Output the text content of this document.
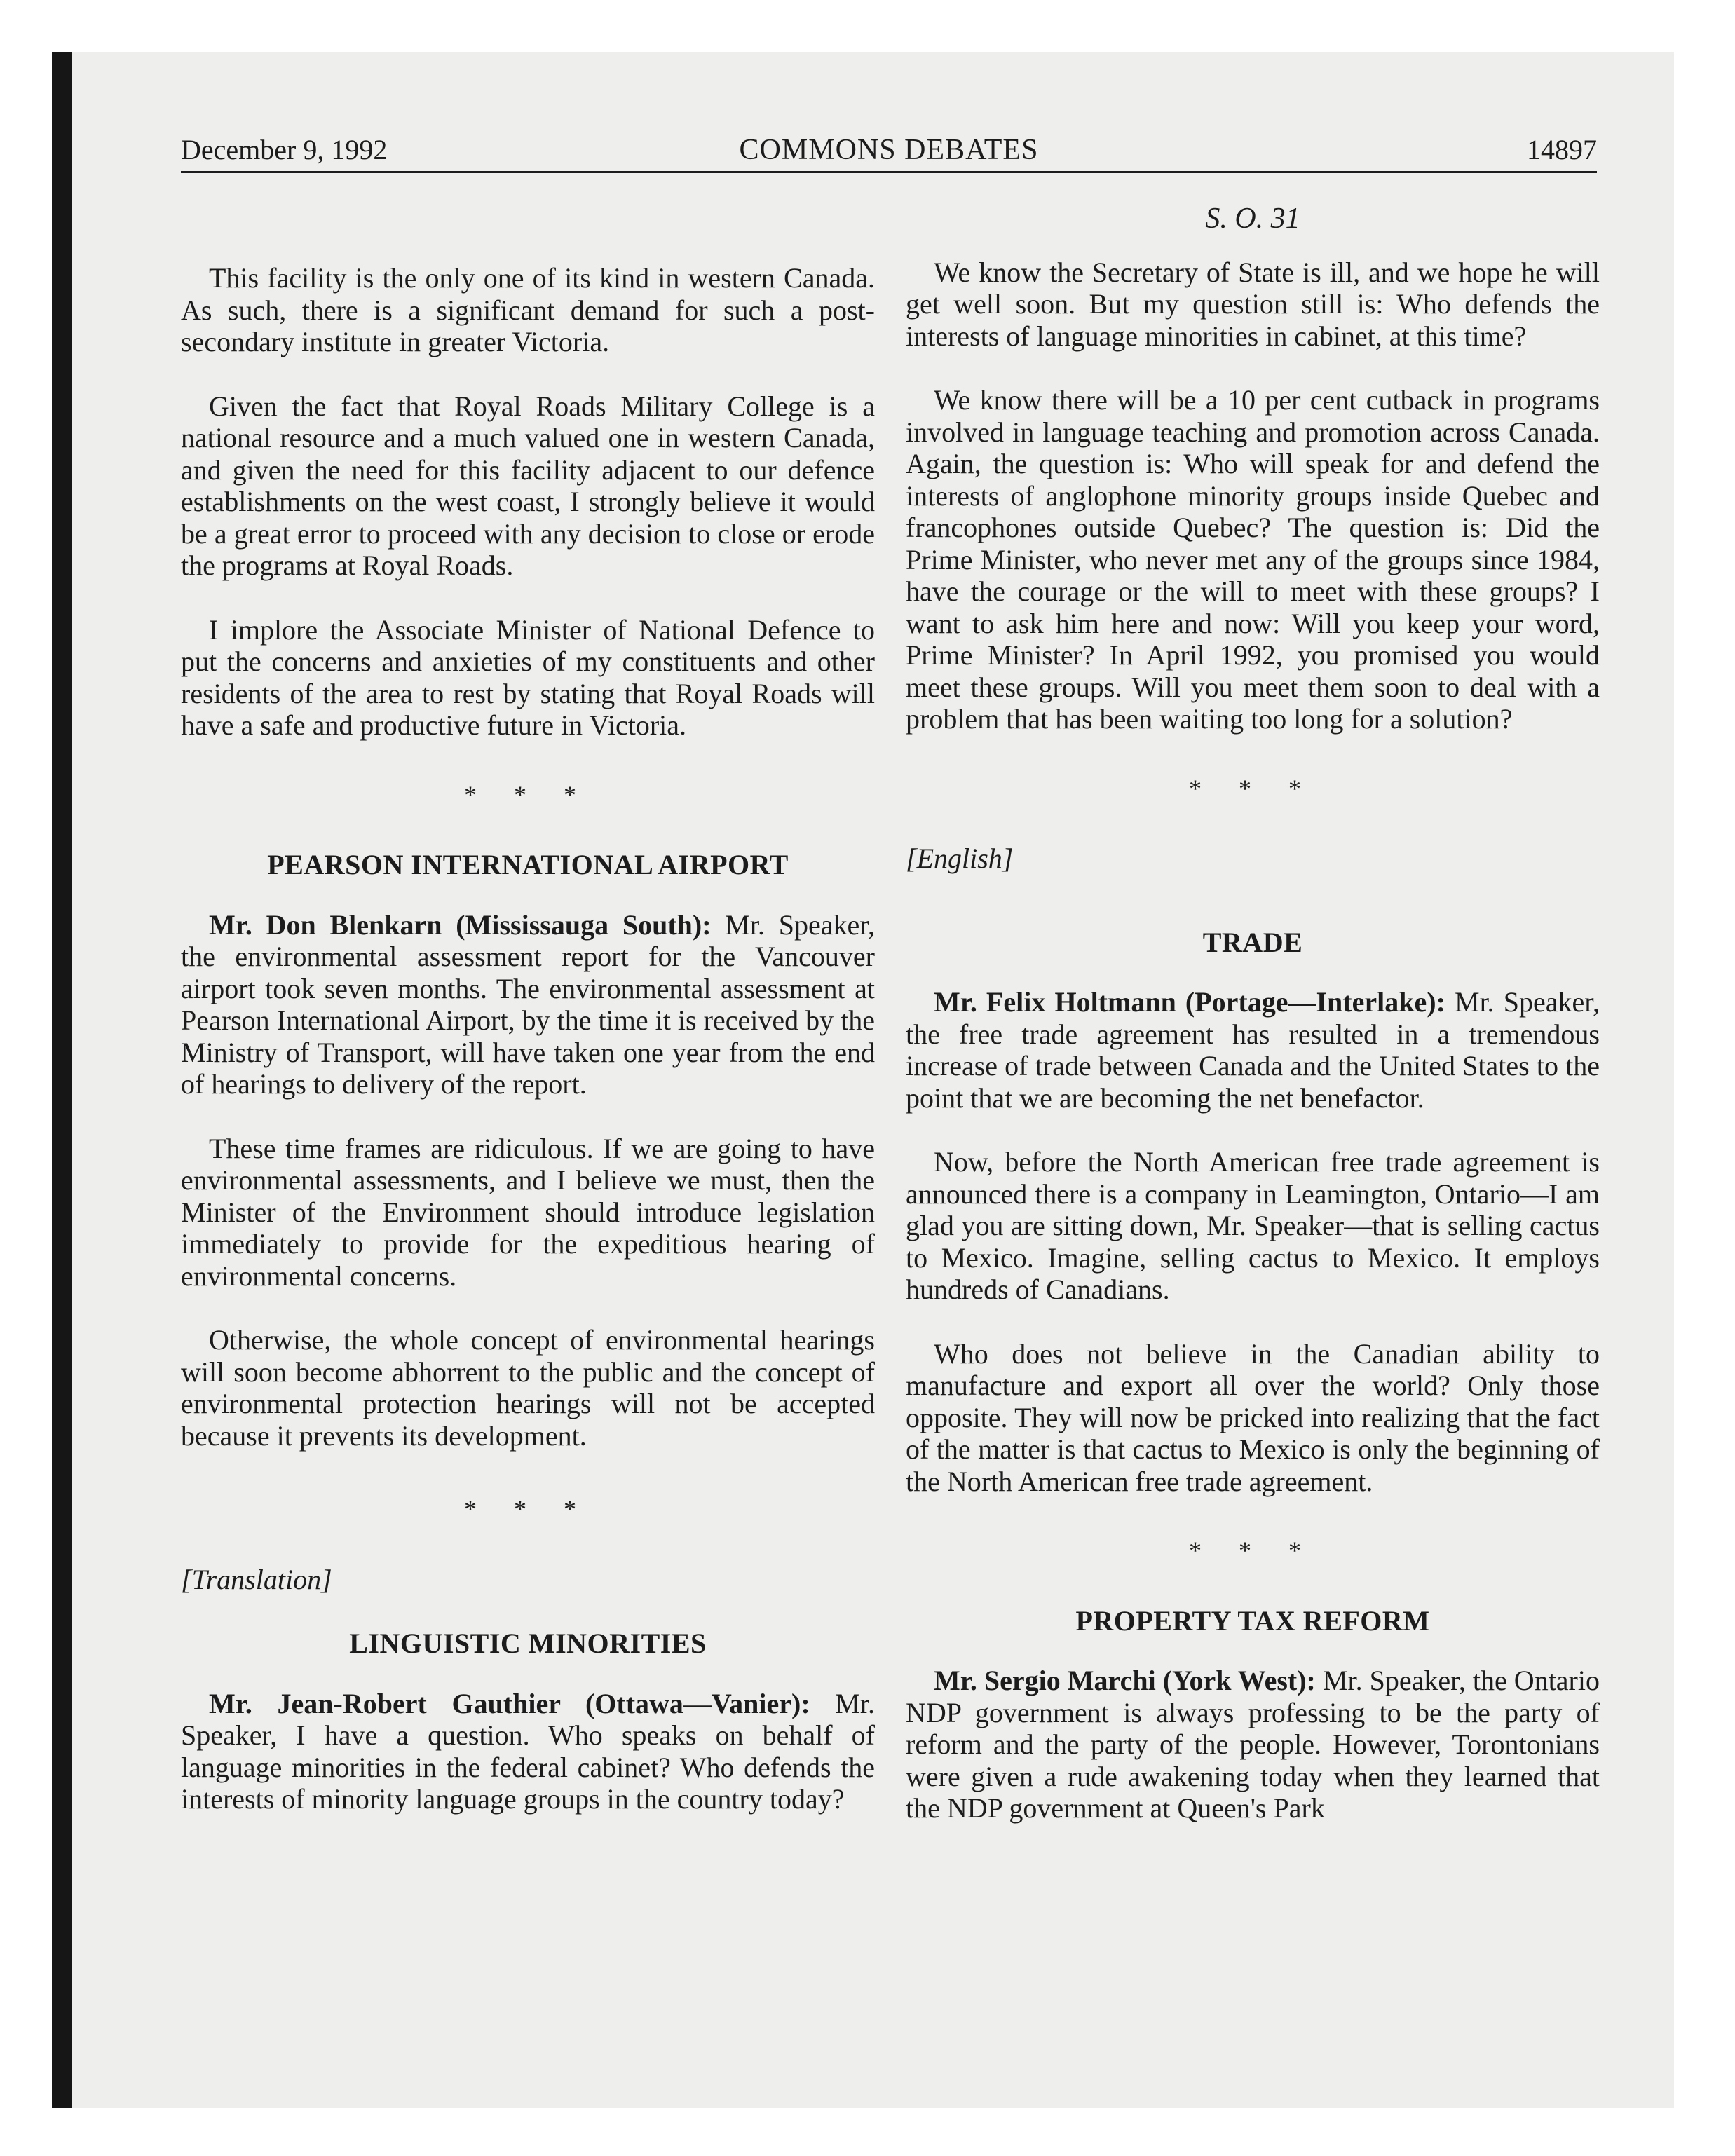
December 9, 1992	COMMONS DEBATES	14897

This facility is the only one of its kind in western Canada. As such, there is a significant demand for such a post-secondary institute in greater Victoria.

Given the fact that Royal Roads Military College is a national resource and a much valued one in western Canada, and given the need for this facility adjacent to our defence establishments on the west coast, I strongly believe it would be a great error to proceed with any decision to close or erode the programs at Royal Roads.

I implore the Associate Minister of National Defence to put the concerns and anxieties of my constituents and other residents of the area to rest by stating that Royal Roads will have a safe and productive future in Victoria.

* * *
PEARSON INTERNATIONAL AIRPORT

Mr. Don Blenkarn (Mississauga South): Mr. Speaker, the environmental assessment report for the Vancouver airport took seven months. The environmental assessment at Pearson International Airport, by the time it is received by the Ministry of Transport, will have taken one year from the end of hearings to delivery of the report.

These time frames are ridiculous. If we are going to have environmental assessments, and I believe we must, then the Minister of the Environment should introduce legislation immediately to provide for the expeditious hearing of environmental concerns.

Otherwise, the whole concept of environmental hearings will soon become abhorrent to the public and the concept of environmental protection hearings will not be accepted because it prevents its development.

* * *
[Translation]
LINGUISTIC MINORITIES

Mr. Jean-Robert Gauthier (Ottawa—Vanier): Mr. Speaker, I have a question. Who speaks on behalf of language minorities in the federal cabinet? Who defends the interests of minority language groups in the country today?

S. O. 31

We know the Secretary of State is ill, and we hope he will get well soon. But my question still is: Who defends the interests of language minorities in cabinet, at this time?

We know there will be a 10 per cent cutback in programs involved in language teaching and promotion across Canada. Again, the question is: Who will speak for and defend the interests of anglophone minority groups inside Quebec and francophones outside Quebec? The question is: Did the Prime Minister, who never met any of the groups since 1984, have the courage or the will to meet with these groups? I want to ask him here and now: Will you keep your word, Prime Minister? In April 1992, you promised you would meet these groups. Will you meet them soon to deal with a problem that has been waiting too long for a solution?

* * *
[English]
TRADE

Mr. Felix Holtmann (Portage—Interlake): Mr. Speaker, the free trade agreement has resulted in a tremendous increase of trade between Canada and the United States to the point that we are becoming the net benefactor.

Now, before the North American free trade agreement is announced there is a company in Leamington, Ontario—I am glad you are sitting down, Mr. Speaker—that is selling cactus to Mexico. Imagine, selling cactus to Mexico. It employs hundreds of Canadians.

Who does not believe in the Canadian ability to manufacture and export all over the world? Only those opposite. They will now be pricked into realizing that the fact of the matter is that cactus to Mexico is only the beginning of the North American free trade agreement.

* * *
PROPERTY TAX REFORM

Mr. Sergio Marchi (York West): Mr. Speaker, the Ontario NDP government is always professing to be the party of reform and the party of the people. However, Torontonians were given a rude awakening today when they learned that the NDP government at Queen's Park
